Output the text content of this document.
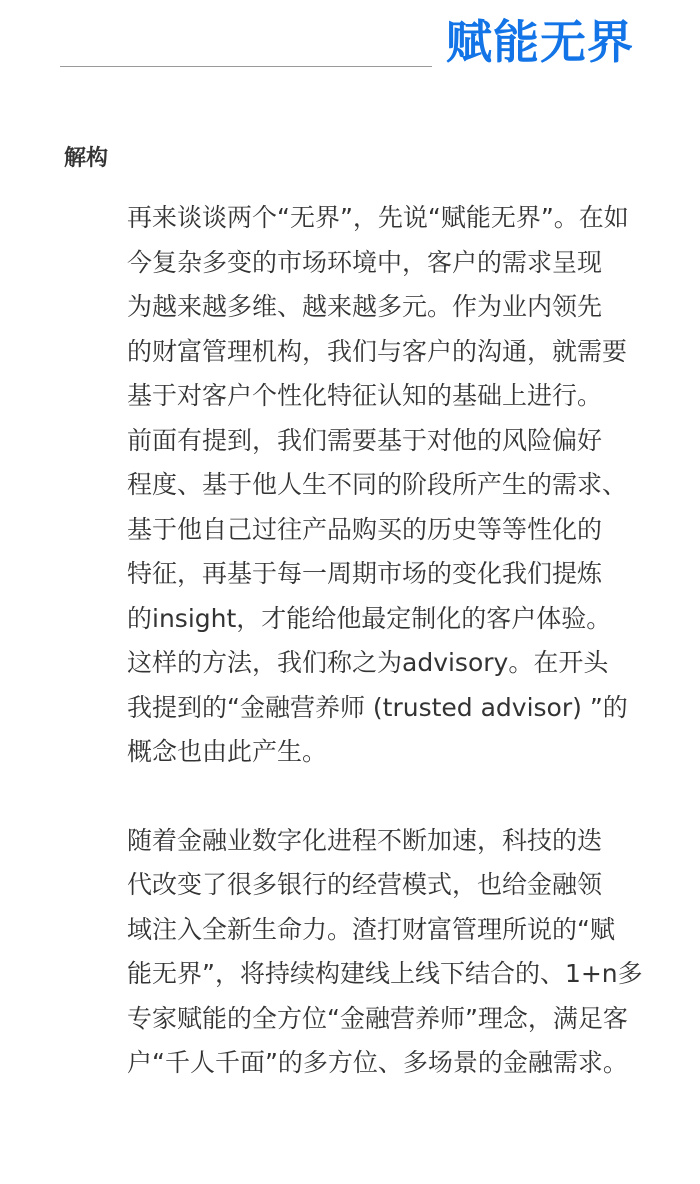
赋能无界
解构
再来谈谈两个“无界”，先说“赋能无界”。在如
今复杂多变的市场环境中，客户的需求呈现
为越来越多维、越来越多元。作为业内领先
的财富管理机构，我们与客户的沟通，就需要
基于对客户个性化特征认知的基础上进行。
前面有提到，我们需要基于对他的风险偏好
程度、基于他人生不同的阶段所产生的需求、
基于他自己过往产品购买的历史等等性化的
特征，再基于每一周期市场的变化我们提炼
的insight，才能给他最定制化的客户体验。
这样的方法，我们称之为advisory。在开头
我提到的“金融营养师 (trusted advisor) ”的
概念也由此产生。
随着金融业数字化进程不断加速，科技的迭
代改变了很多银行的经营模式，也给金融领
域注入全新生命力。渣打财富管理所说的“赋
能无界”，将持续构建线上线下结合的、1+n多
专家赋能的全方位“金融营养师”理念，满足客
户“千人千面”的多方位、多场景的金融需求。
